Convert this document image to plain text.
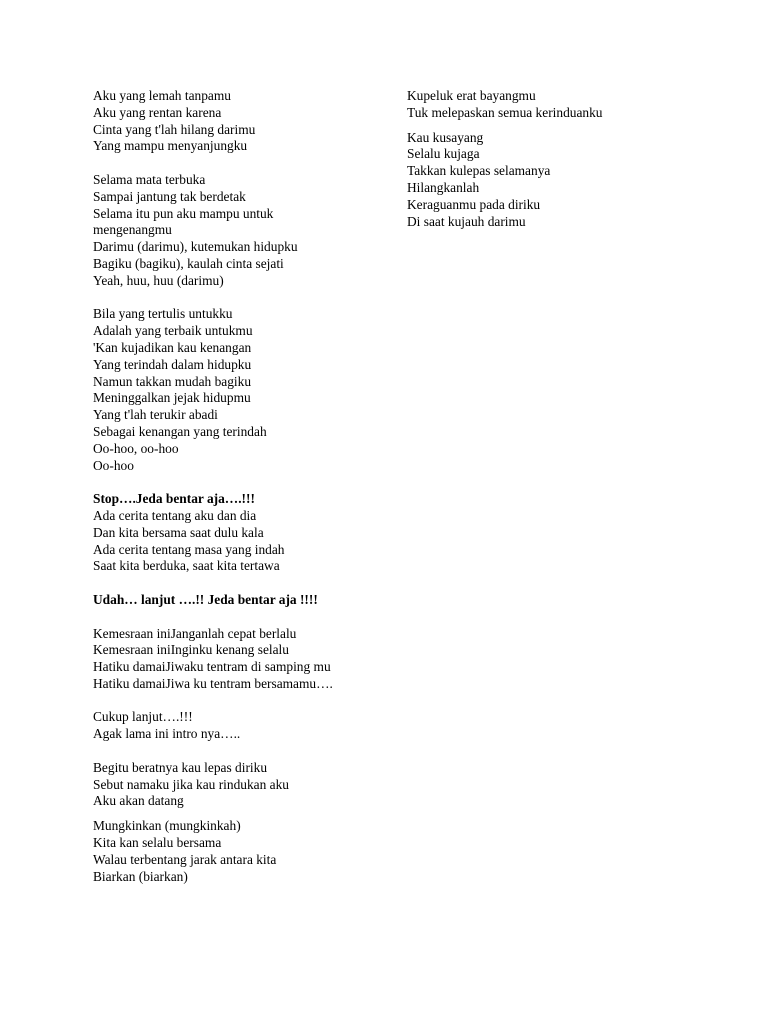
Aku yang lemah tanpamu
Aku yang rentan karena
Cinta yang t'lah hilang darimu
Yang mampu menyanjungku
Selama mata terbuka
Sampai jantung tak berdetak
Selama itu pun aku mampu untuk mengenangmu
Darimu (darimu), kutemukan hidupku
Bagiku (bagiku), kaulah cinta sejati
Yeah, huu, huu (darimu)
Bila yang tertulis untukku
Adalah yang terbaik untukmu
'Kan kujadikan kau kenangan
Yang terindah dalam hidupku
Namun takkan mudah bagiku
Meninggalkan jejak hidupmu
Yang t'lah terukir abadi
Sebagai kenangan yang terindah
Oo-hoo, oo-hoo
Oo-hoo
Stop….Jeda bentar aja….!!!
Ada cerita tentang aku dan dia
Dan kita bersama saat dulu kala
Ada cerita tentang masa yang indah
Saat kita berduka, saat kita tertawa
Udah… lanjut ….!! Jeda bentar aja !!!!
Kemesraan iniJanganlah cepat berlalu
Kemesraan iniInginku kenang selalu
Hatiku damaiJiwaku tentram di samping mu
Hatiku damaiJiwa ku tentram bersamamu….
Cukup lanjut….!!!
Agak lama ini intro nya…..
Begitu beratnya kau lepas diriku
Sebut namaku jika kau rindukan aku
Aku akan datang
Mungkinkan (mungkinkah)
Kita kan selalu bersama
Walau terbentang jarak antara kita
Biarkan (biarkan)
Kupeluk erat bayangmu
Tuk melepaskan semua kerinduanku
Kau kusayang
Selalu kujaga
Takkan kulepas selamanya
Hilangkanlah
Keraguanmu pada diriku
Di saat kujauh darimu
